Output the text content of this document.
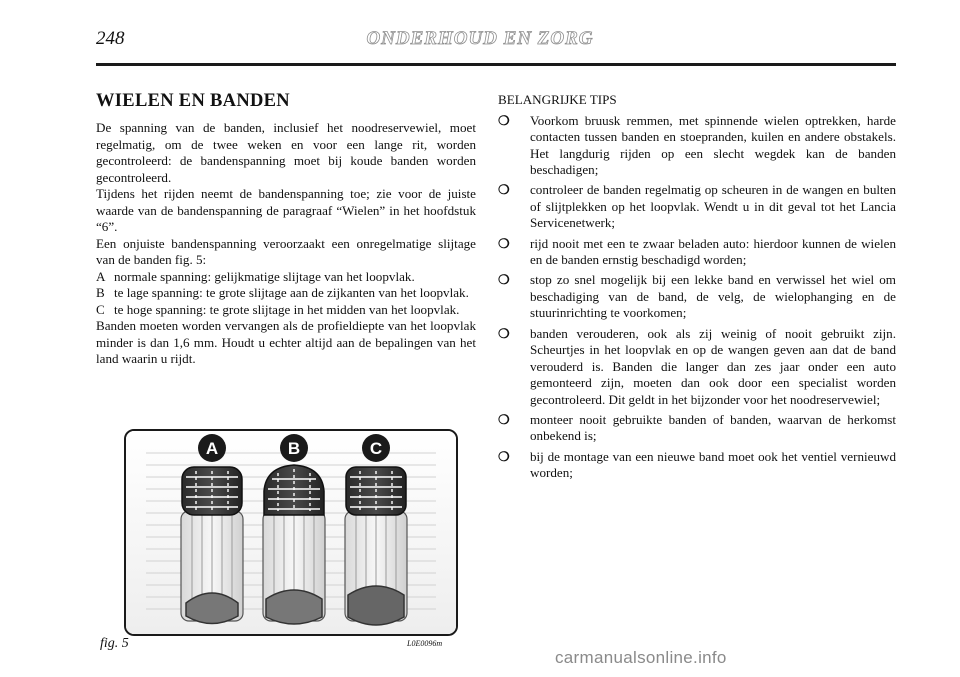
248	ONDERHOUD EN ZORG
WIELEN EN BANDEN

De spanning van de banden, inclusief het noodreservewiel, moet regelmatig, om de twee weken en voor een lange rit, worden gecontroleerd: de bandenspanning moet bij koude banden worden gecontroleerd.

Tijdens het rijden neemt de bandenspanning toe; zie voor de juiste waarde van de bandenspanning de paragraaf “Wielen” in het hoofdstuk “6”.

Een onjuiste bandenspanning veroorzaakt een onregelmatige slijtage van de banden fig. 5:

A normale spanning: gelijkmatige slijtage van het loopvlak.
B te lage spanning: te grote slijtage aan de zijkanten van het loopvlak.
C te hoge spanning: te grote slijtage in het midden van het loopvlak.

Banden moeten worden vervangen als de profieldiepte van het loopvlak minder is dan 1,6 mm. Houdt u echter altijd aan de bepalingen van het land waarin u rijdt.

A	B	C
fig. 5	L0E0096m
BELANGRIJKE TIPS
❍ Voorkom bruusk remmen, met spinnende wielen optrekken, harde contacten tussen banden en stoepranden, kuilen en andere obstakels. Het langdurig rijden op een slecht wegdek kan de banden beschadigen;
❍ controleer de banden regelmatig op scheuren in de wangen en bulten of slijtplekken op het loopvlak. Wendt u in dit geval tot het Lancia Servicenetwerk;
❍ rijd nooit met een te zwaar beladen auto: hierdoor kunnen de wielen en de banden ernstig beschadigd worden;
❍ stop zo snel mogelijk bij een lekke band en verwissel het wiel om beschadiging van de band, de velg, de wielophanging en de stuurinrichting te voorkomen;
❍ banden verouderen, ook als zij weinig of nooit gebruikt zijn. Scheurtjes in het loopvlak en op de wangen geven aan dat de band verouderd is. Banden die langer dan zes jaar onder een auto gemonteerd zijn, moeten dan ook door een specialist worden gecontroleerd. Dit geldt in het bijzonder voor het noodreservewiel;
❍ monteer nooit gebruikte banden of banden, waarvan de herkomst onbekend is;
❍ bij de montage van een nieuwe band moet ook het ventiel vernieuwd worden;
carmanualsonline.info
